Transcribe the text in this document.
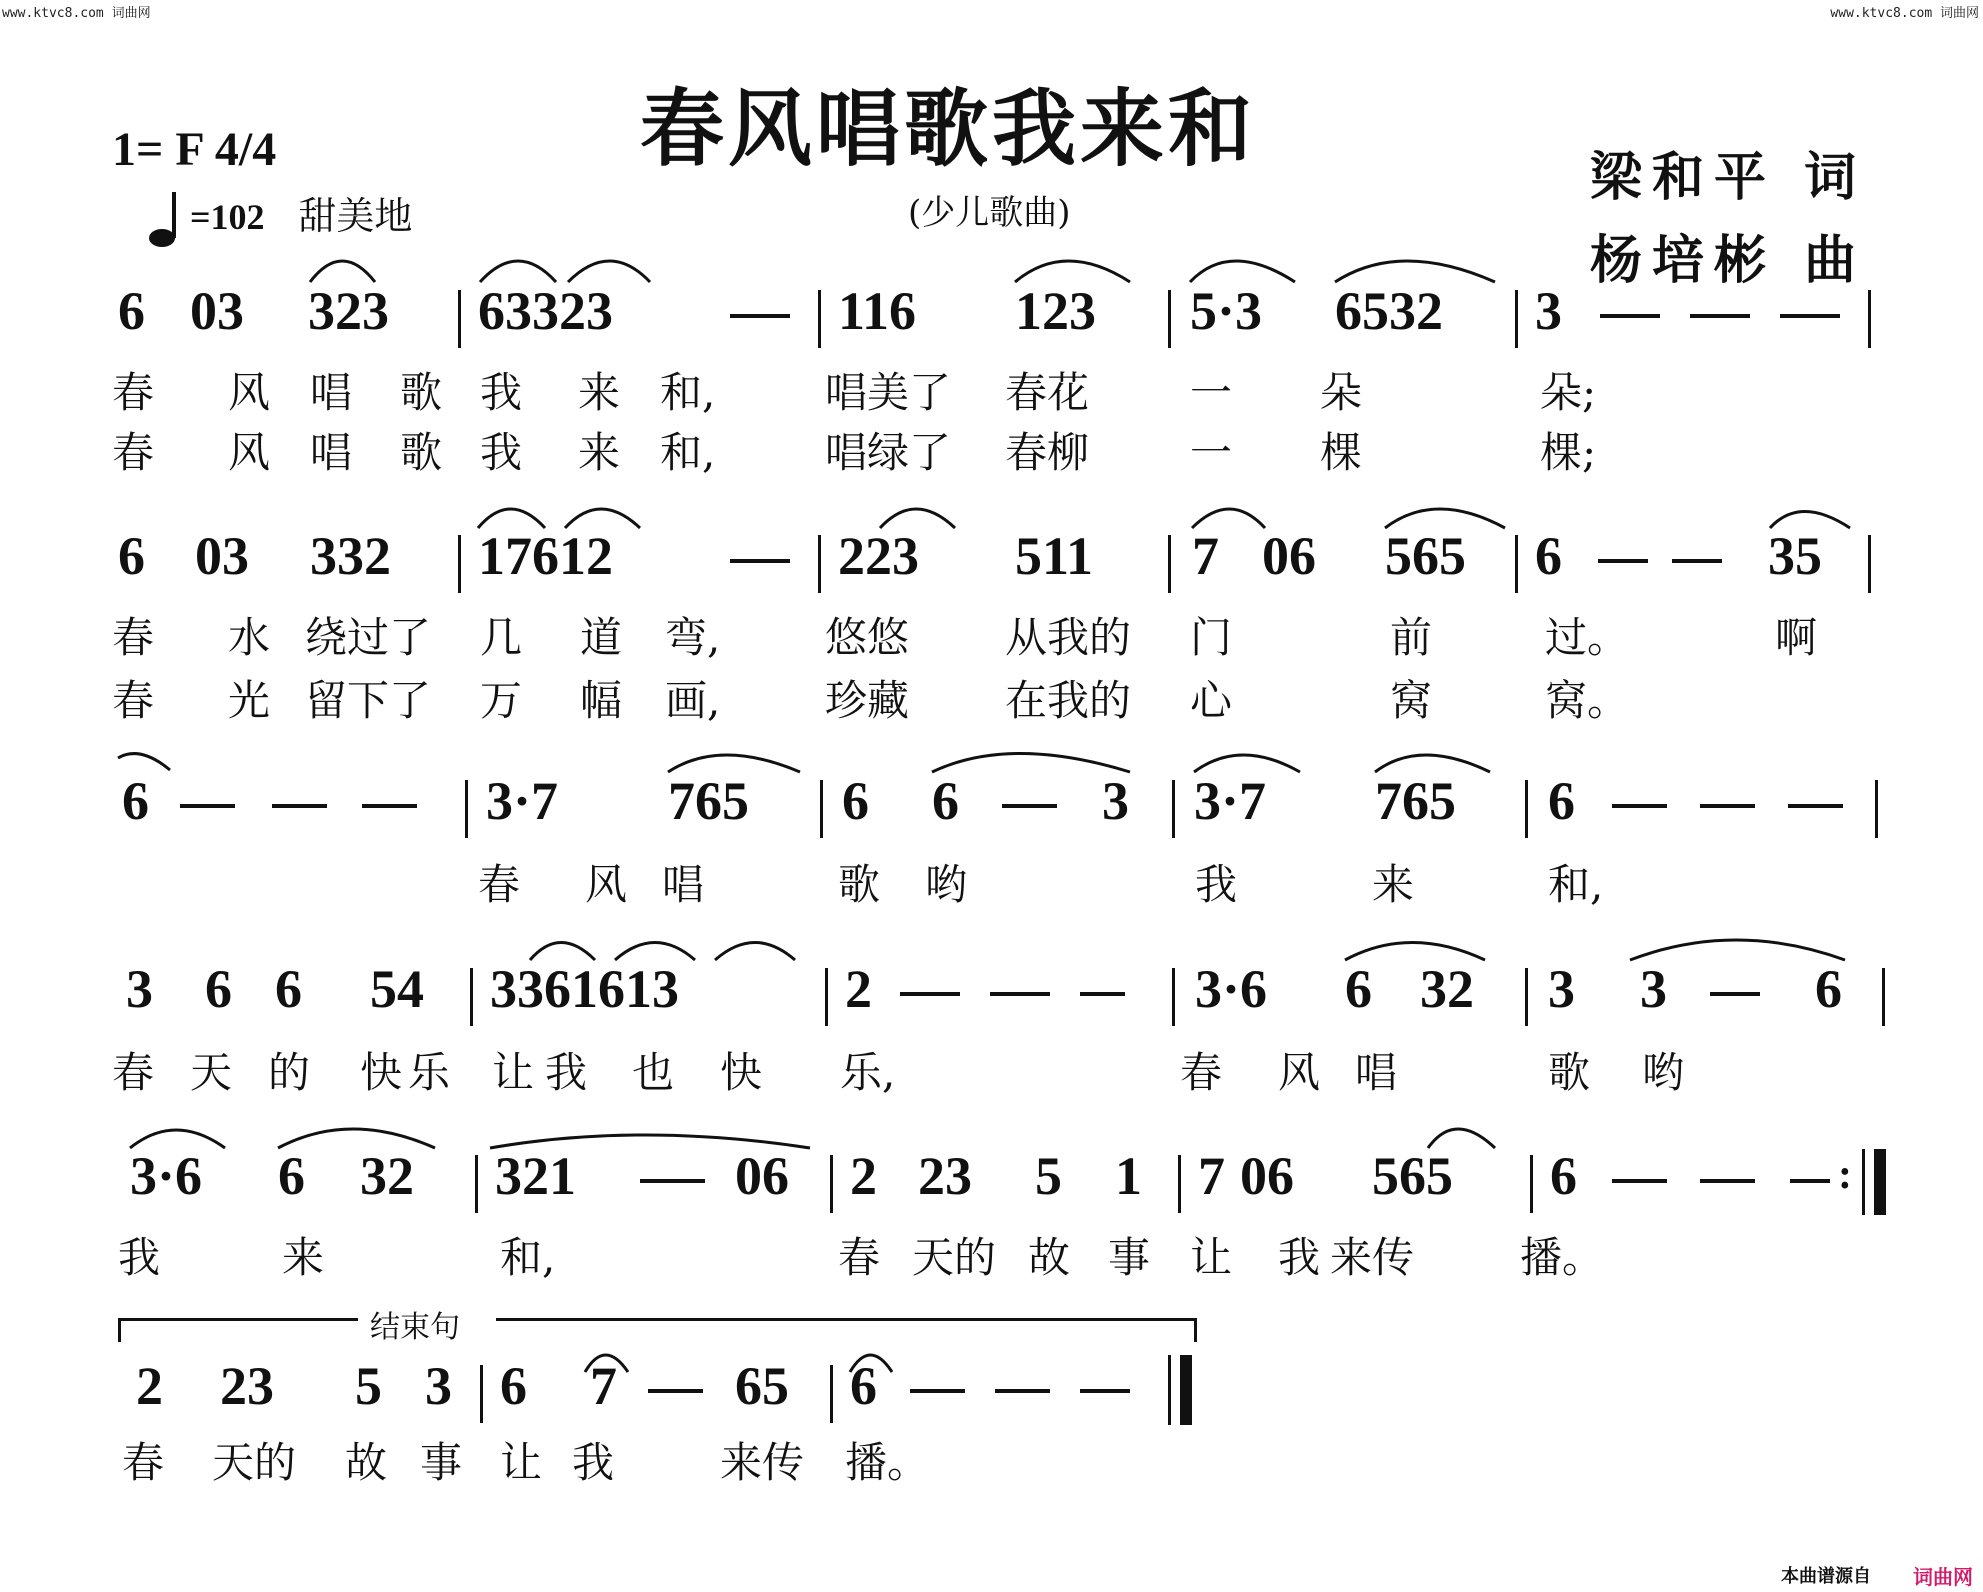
www.ktvc8.com 词曲网	www.ktvc8.com 词曲网
春风唱歌我来和
(少儿歌曲)
1= F 4/4
=102 甜美地
梁和平 词
杨培彬 曲
6 03 323 63323	116 123 5·3 6532 3
春 风 唱 歌 我 来 和,	唱美了 春花 一 朵	朵;
春 风 唱 歌 我 来 和,	唱绿了 春柳 一 棵	棵;
6 03 332 17612	223 511 7 06 565 6	35
春 水 绕过了 几 道 弯, 悠悠 从我的 门	前	过。	啊
春 光 留下了 万 幅 画, 珍藏 在我的 心	窝	窝。
6	3·7 765 6 6	3 3·7 765 6
春 风 唱	歌 哟	我	来	和,
3 6 6 54 3361613	2	3·6 6 32 3 3	6
春 天 的 快 乐 让 我 也 快 乐,	春 风 唱	歌 哟
3·6 6 32 321	06 2 23 5 1 7 06 565 6	:
我	来	和,	春 天的 故 事 让 我 来传	播。
结束句
2 23 5 3 6 7 65 6
春 天的 故 事 让 我	来传 播。
本曲谱源自 词曲网
